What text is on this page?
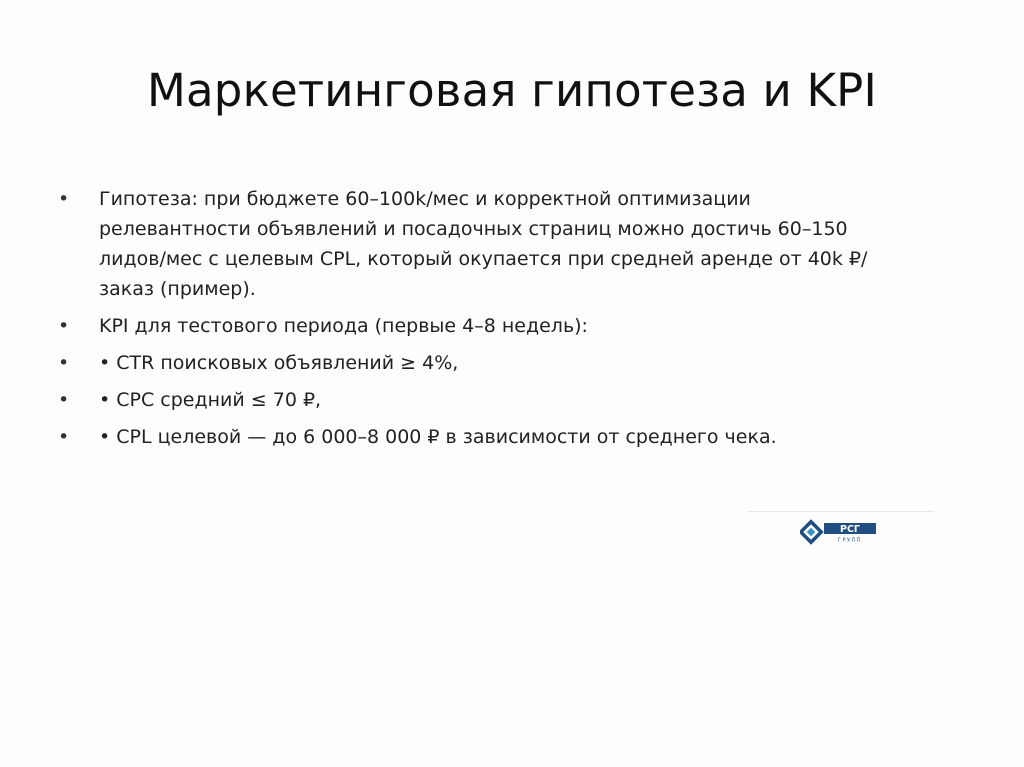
Маркетинговая гипотеза и KPI
•	Гипотеза: при бюджете 60–100k/мес и корректной оптимизации релевантности объявлений и посадочных страниц можно достичь 60–150 лидов/мес с целевым CPL, который окупается при средней аренде от 40k ₽/заказ (пример).
•	KPI для тестового периода (первые 4–8 недель):
•	• CTR поисковых объявлений ≥ 4%,
•	• CPC средний ≤ 70 ₽,
•	• CPL целевой — до 6 000–8 000 ₽ в зависимости от среднего чека.
РСГ
ГРУПП
